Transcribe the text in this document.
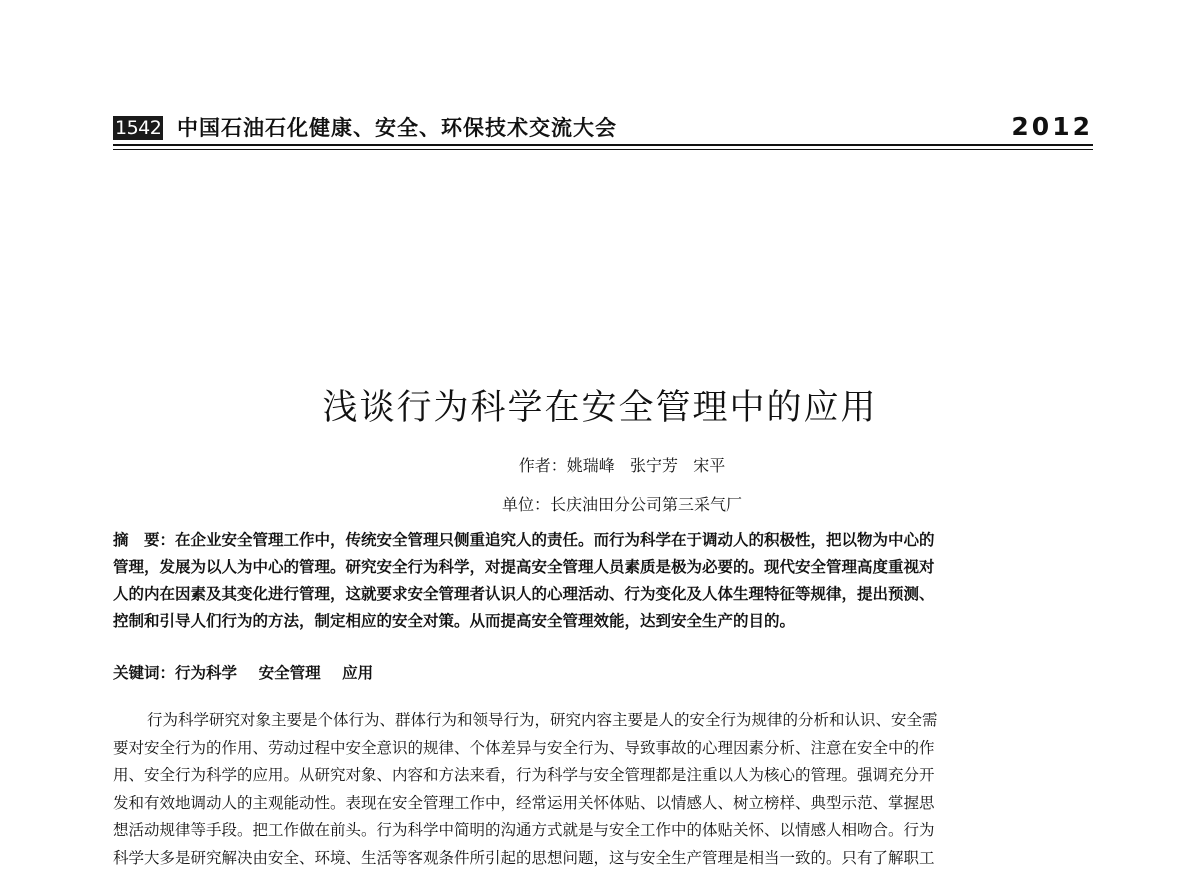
1542 中国石油石化健康、安全、环保技术交流大会	2012
浅谈行为科学在安全管理中的应用
作者：姚瑞峰   张宁芳   宋平
单位：长庆油田分公司第三采气厂
摘　要：在企业安全管理工作中，传统安全管理只侧重追究人的责任。而行为科学在于调动人的积极性，把以物为中心的
管理，发展为以人为中心的管理。研究安全行为科学，对提高安全管理人员素质是极为必要的。现代安全管理高度重视对
人的内在因素及其变化进行管理，这就要求安全管理者认识人的心理活动、行为变化及人体生理特征等规律，提出预测、
控制和引导人们行为的方法，制定相应的安全对策。从而提高安全管理效能，达到安全生产的目的。
关键词：行为科学    安全管理    应用
行为科学研究对象主要是个体行为、群体行为和领导行为，研究内容主要是人的安全行为规律的分析和认识、安全需
要对安全行为的作用、劳动过程中安全意识的规律、个体差异与安全行为、导致事故的心理因素分析、注意在安全中的作
用、安全行为科学的应用。从研究对象、内容和方法来看，行为科学与安全管理都是注重以人为核心的管理。强调充分开
发和有效地调动人的主观能动性。表现在安全管理工作中，经常运用关怀体贴、以情感人、树立榜样、典型示范、掌握思
想活动规律等手段。把工作做在前头。行为科学中简明的沟通方式就是与安全工作中的体贴关怀、以情感人相吻合。行为
科学大多是研究解决由安全、环境、生活等客观条件所引起的思想问题，这与安全生产管理是相当一致的。只有了解职工
